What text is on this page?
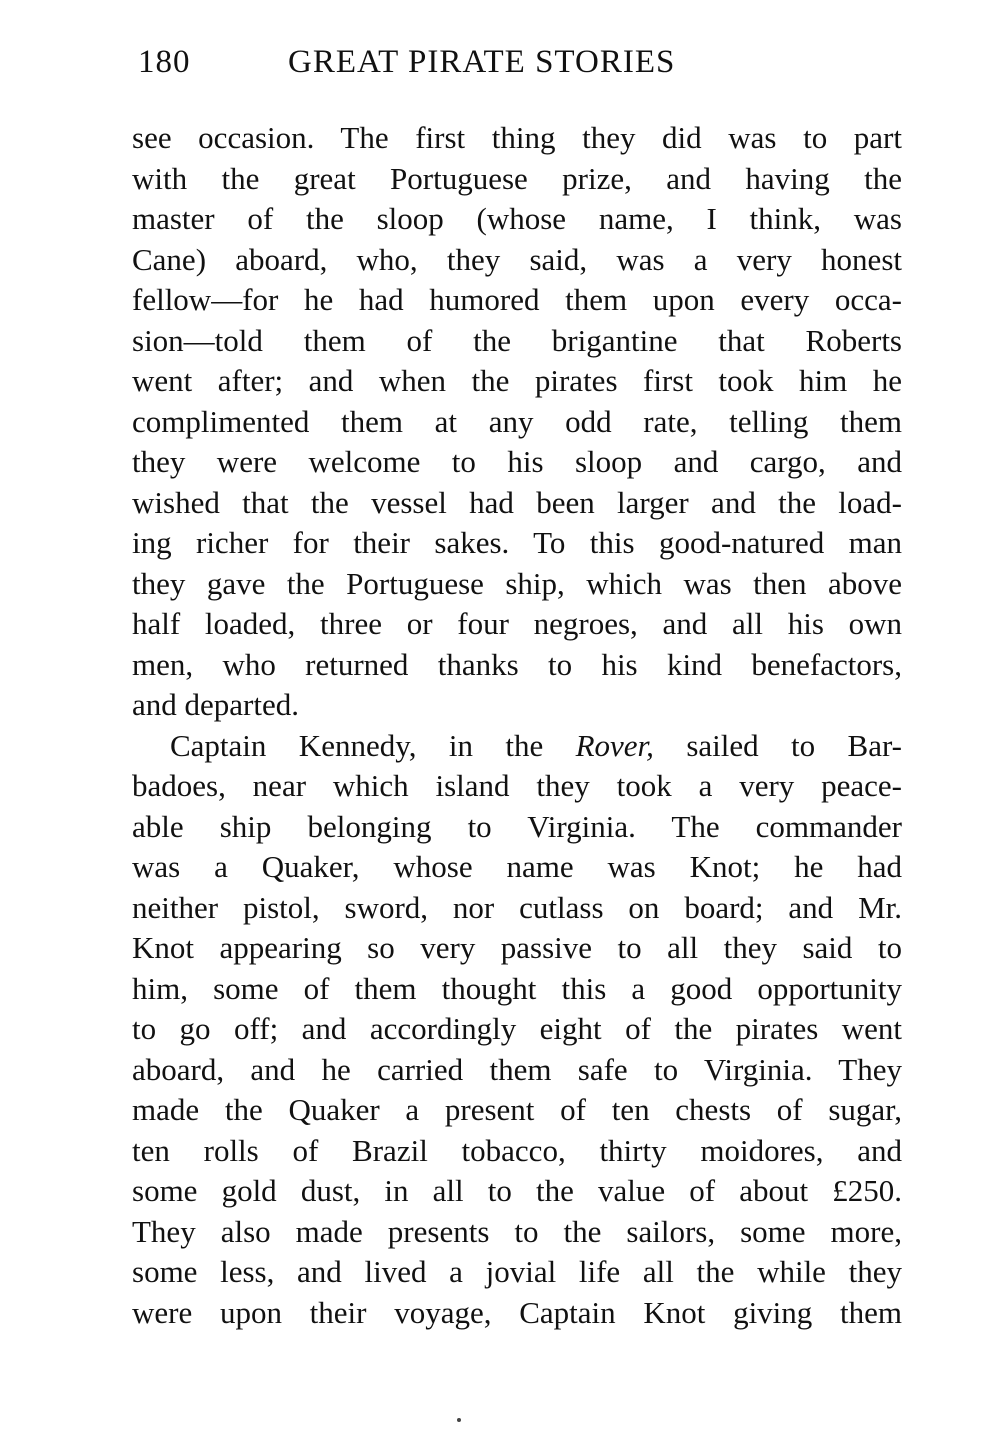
180	GREAT PIRATE STORIES
see occasion. The first thing they did was to part
with the great Portuguese prize, and having the
master of the sloop (whose name, I think, was
Cane) aboard, who, they said, was a very honest
fellow—for he had humored them upon every occa-
sion—told them of the brigantine that Roberts
went after; and when the pirates first took him he
complimented them at any odd rate, telling them
they were welcome to his sloop and cargo, and
wished that the vessel had been larger and the load-
ing richer for their sakes. To this good-natured man
they gave the Portuguese ship, which was then above
half loaded, three or four negroes, and all his own
men, who returned thanks to his kind benefactors,
and departed.
Captain Kennedy, in the Rover, sailed to Bar-
badoes, near which island they took a very peace-
able ship belonging to Virginia. The commander
was a Quaker, whose name was Knot; he had
neither pistol, sword, nor cutlass on board; and Mr.
Knot appearing so very passive to all they said to
him, some of them thought this a good opportunity
to go off; and accordingly eight of the pirates went
aboard, and he carried them safe to Virginia. They
made the Quaker a present of ten chests of sugar,
ten rolls of Brazil tobacco, thirty moidores, and
some gold dust, in all to the value of about £250.
They also made presents to the sailors, some more,
some less, and lived a jovial life all the while they
were upon their voyage, Captain Knot giving them
